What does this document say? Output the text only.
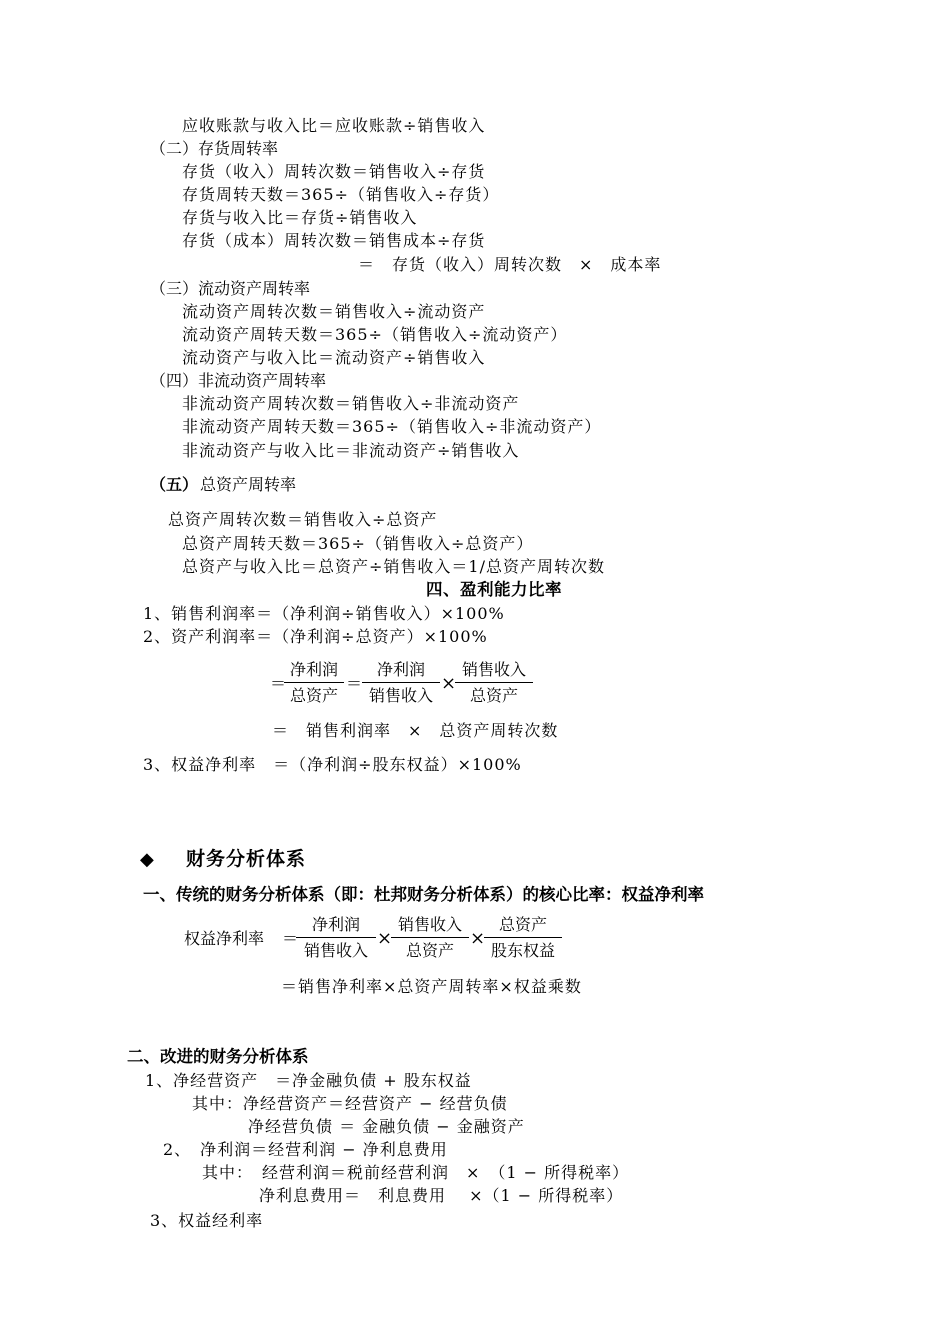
应收账款与收入比＝应收账款÷销售收入
（二）存货周转率
存货（收入）周转次数＝销售收入÷存货
存货周转天数＝365÷（销售收入÷存货）
存货与收入比＝存货÷销售收入
存货（成本）周转次数＝销售成本÷存货
＝　存货（收入）周转次数　×　成本率
（三）流动资产周转率
流动资产周转次数＝销售收入÷流动资产
流动资产周转天数＝365÷（销售收入÷流动资产）
流动资产与收入比＝流动资产÷销售收入
（四）非流动资产周转率
非流动资产周转次数＝销售收入÷非流动资产
非流动资产周转天数＝365÷（销售收入÷非流动资产）
非流动资产与收入比＝非流动资产÷销售收入
（五） 总资产周转率
总资产周转次数＝销售收入÷总资产
总资产周转天数＝365÷（销售收入÷总资产）
总资产与收入比＝总资产÷销售收入＝1/总资产周转次数
四、盈利能力比率
1、销售利润率＝（净利润÷销售收入）×100%
2、资产利润率＝（净利润÷总资产）×100%
＝
净利润
总资产
＝
净利润
销售收入
×
销售收入
总资产
＝　销售利润率　×　总资产周转次数
3、权益净利率　＝（净利润÷股东权益）×100%
◆ 财务分析体系
一、传统的财务分析体系（即：杜邦财务分析体系）的核心比率：权益净利率
权益净利率 ＝
净利润
销售收入
×
销售收入
总资产
×
总资产
股东权益
＝销售净利率×总资产周转率×权益乘数
二、改进的财务分析体系
1、净经营资产　＝净金融负债 + 股东权益
其中：净经营资产＝经营资产 − 经营负债
净经营负债 ＝ 金融负债 − 金融资产
2、　净利润＝经营利润 − 净利息费用
其中：　经营利润＝税前经营利润　×　（1 − 所得税率）
净利息费用＝　利息费用　 ×（1 − 所得税率）
3、权益经利率
